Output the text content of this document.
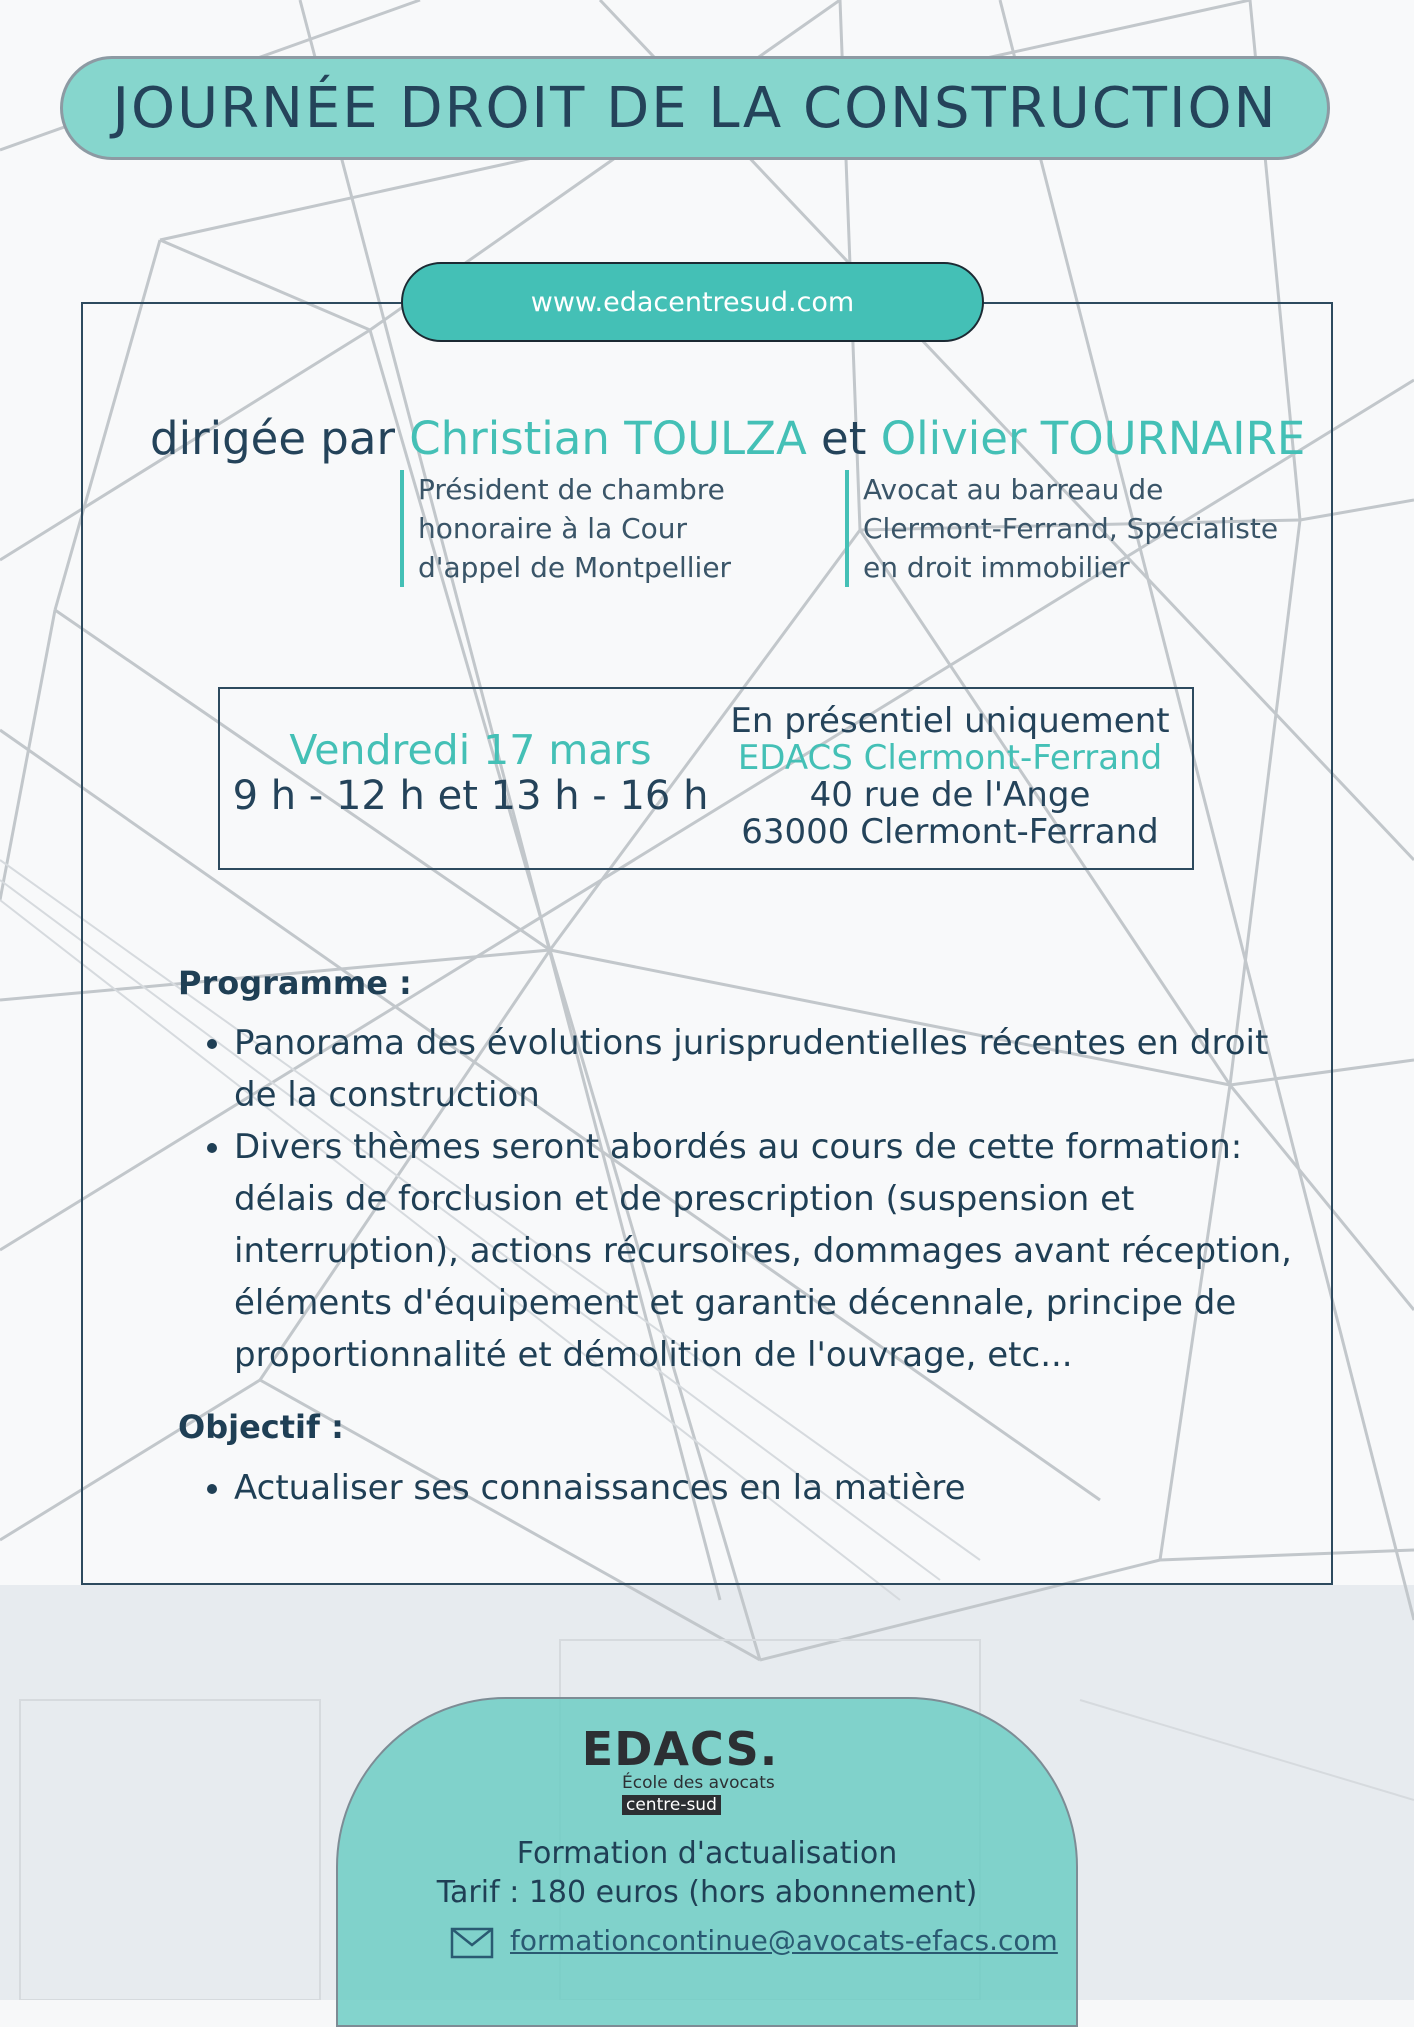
JOURNÉE DROIT DE LA CONSTRUCTION
www.edacentresud.com
dirigée par Christian TOULZA et Olivier TOURNAIRE
Président de chambre
honoraire à la Cour
d'appel de Montpellier
Avocat au barreau de
Clermont-Ferrand, Spécialiste
en droit immobilier
Vendredi 17 mars
9 h - 12 h et 13 h - 16 h
En présentiel uniquement
EDACS Clermont-Ferrand
40 rue de l'Ange
63000 Clermont-Ferrand
Programme :
• Panorama des évolutions jurisprudentielles récentes en droit de la construction
• Divers thèmes seront abordés au cours de cette formation: délais de forclusion et de prescription (suspension et interruption), actions récursoires, dommages avant réception, éléments d'équipement et garantie décennale, principe de proportionnalité et démolition de l'ouvrage, etc...
Objectif :
• Actualiser ses connaissances en la matière
EDACS.
École des avocats
centre-sud
Formation d'actualisation
Tarif : 180 euros (hors abonnement)
formationcontinue@avocats-efacs.com
